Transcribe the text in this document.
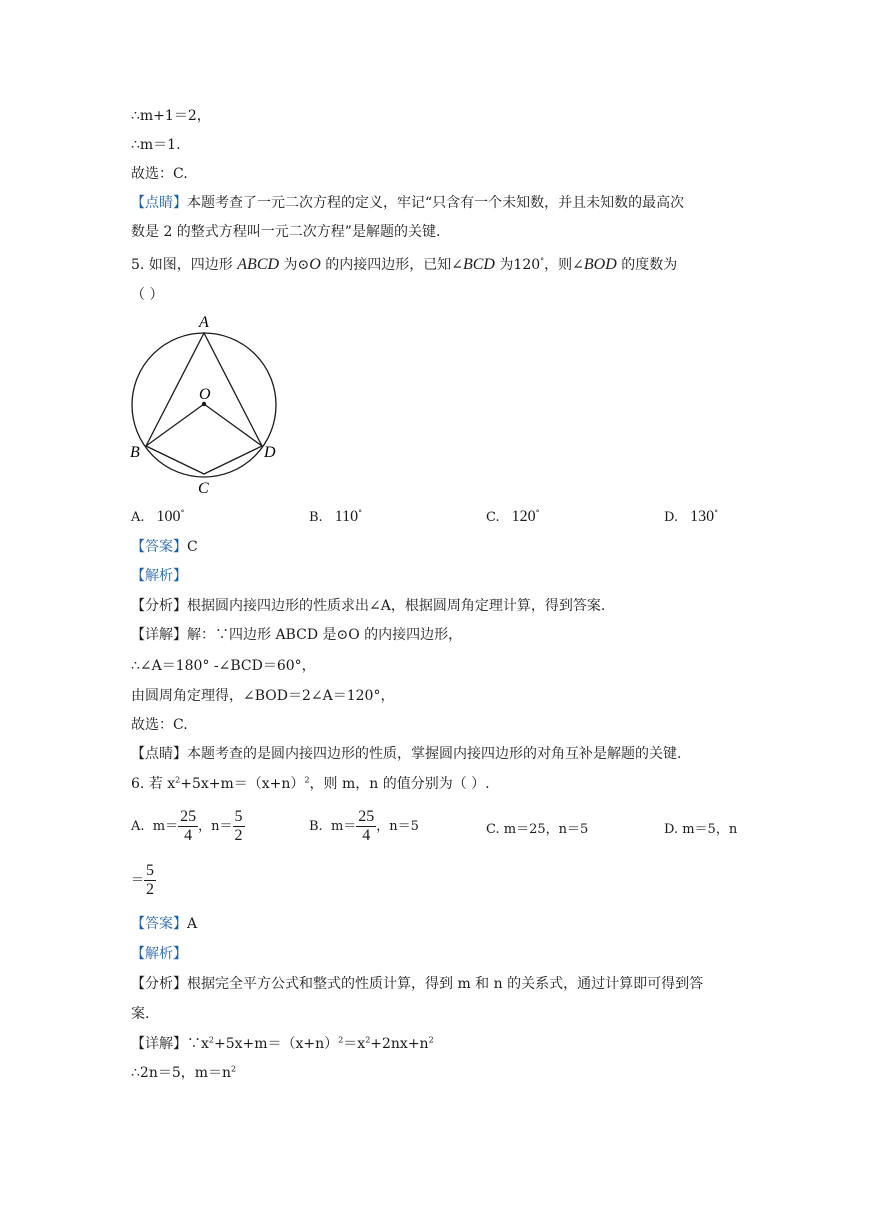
∴m+1＝2，
∴m＝1.
故选：C.
【点睛】本题考查了一元二次方程的定义，牢记“只含有一个未知数，并且未知数的最高次
数是 2 的整式方程叫一元二次方程”是解题的关键.
5. 如图，四边形 ABCD 为⊙O 的内接四边形，已知∠BCD 为120°，则∠BOD 的度数为
（ ）
A
O
B	D
C
A. 100°	B. 110°	C. 120°	D. 130°
【答案】C
【解析】
【分析】根据圆内接四边形的性质求出∠A，根据圆周角定理计算，得到答案.
【详解】解：∵四边形 ABCD 是⊙O 的内接四边形，
∴∠A＝180° -∠BCD＝60°，
由圆周角定理得，∠BOD＝2∠A＝120°，
故选：C.
【点睛】本题考查的是圆内接四边形的性质，掌握圆内接四边形的对角互补是解题的关键.
6. 若 $x^2+5x+m=(x+n)^2$，则 m，n 的值分别为（ ）.
A. $m= \frac{25}{4}$ ，$n= \frac{5}{2}$	B. $m= \frac{25}{4}$ ，n＝5	C. m＝25，n＝5	D. m＝5，n
＝ $\frac{5}{2}$
【答案】A
【解析】
【分析】根据完全平方公式和整式的性质计算，得到 m 和 n 的关系式，通过计算即可得到答
案.
【详解】$\because x^2+5x+m=(x+n)^2=x^2+2nx+n^2$
∴2n＝5，$m=n^2$
